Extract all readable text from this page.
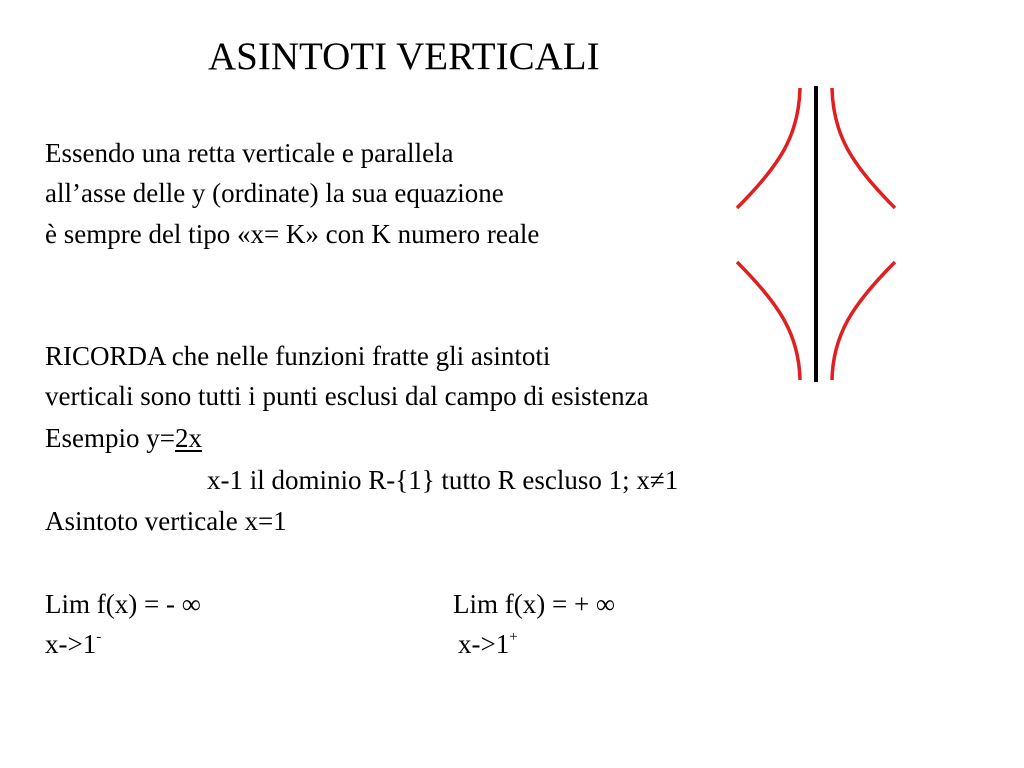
ASINTOTI VERTICALI
Essendo una retta verticale e parallela
all’asse delle y (ordinate) la sua equazione
è sempre del tipo «x= K» con K numero reale
RICORDA che nelle funzioni fratte gli asintoti
verticali sono tutti i punti esclusi dal campo di esistenza
Esempio y=2x
x-1 il dominio R-{1} tutto R escluso 1; x≠1
Asintoto verticale x=1
Lim f(x) = - ∞	Lim f(x) = + ∞
x->1-	x->1+
